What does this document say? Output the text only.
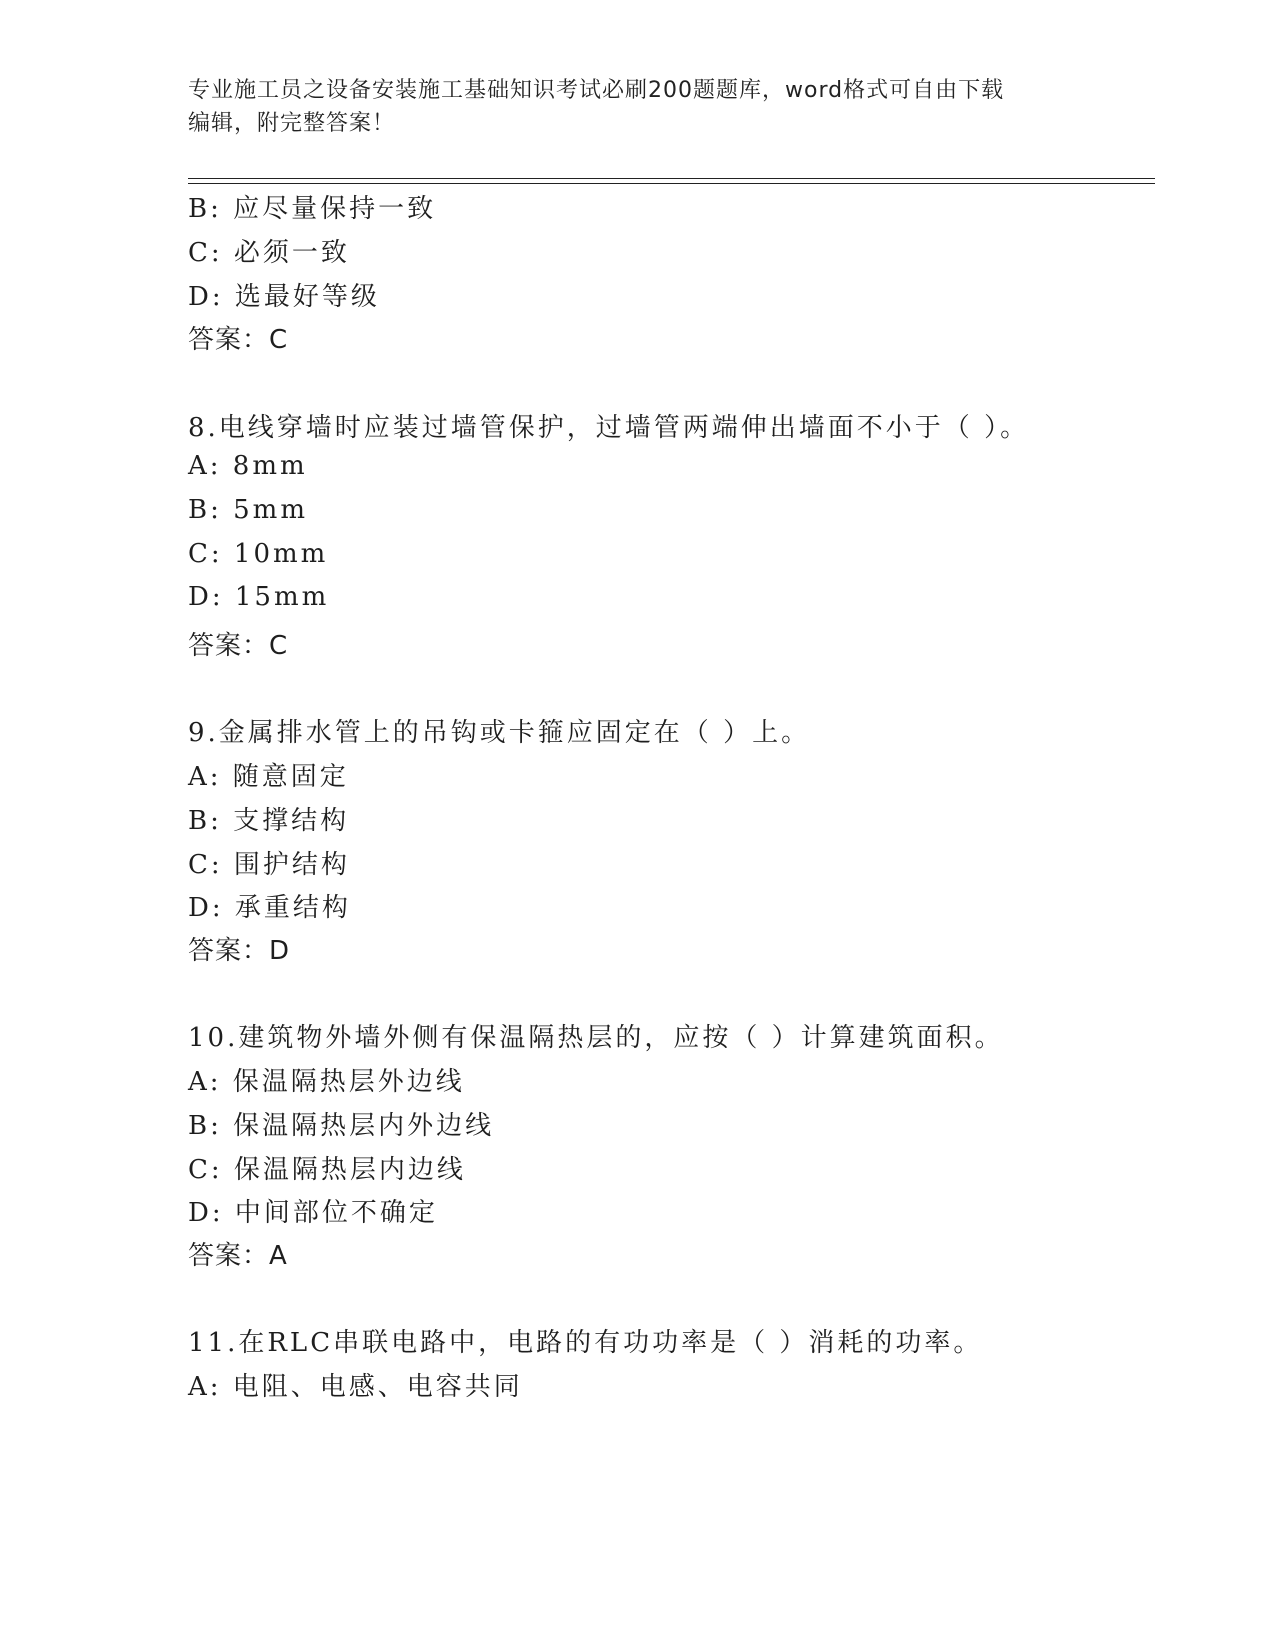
专业施工员之设备安装施工基础知识考试必刷200题题库，word格式可自由下载
编辑，附完整答案！
B: 应尽量保持一致
C: 必须一致
D: 选最好等级
答案：C
8.电线穿墙时应装过墙管保护，过墙管两端伸出墙面不小于（ ）。
A: 8mm
B: 5mm
C: 10mm
D: 15mm
答案：C
9.金属排水管上的吊钩或卡箍应固定在（ ）上。
A: 随意固定
B: 支撑结构
C: 围护结构
D: 承重结构
答案：D
10.建筑物外墙外侧有保温隔热层的，应按（ ）计算建筑面积。
A: 保温隔热层外边线
B: 保温隔热层内外边线
C: 保温隔热层内边线
D: 中间部位不确定
答案：A
11.在RLC串联电路中，电路的有功功率是（ ）消耗的功率。
A: 电阻、电感、电容共同
